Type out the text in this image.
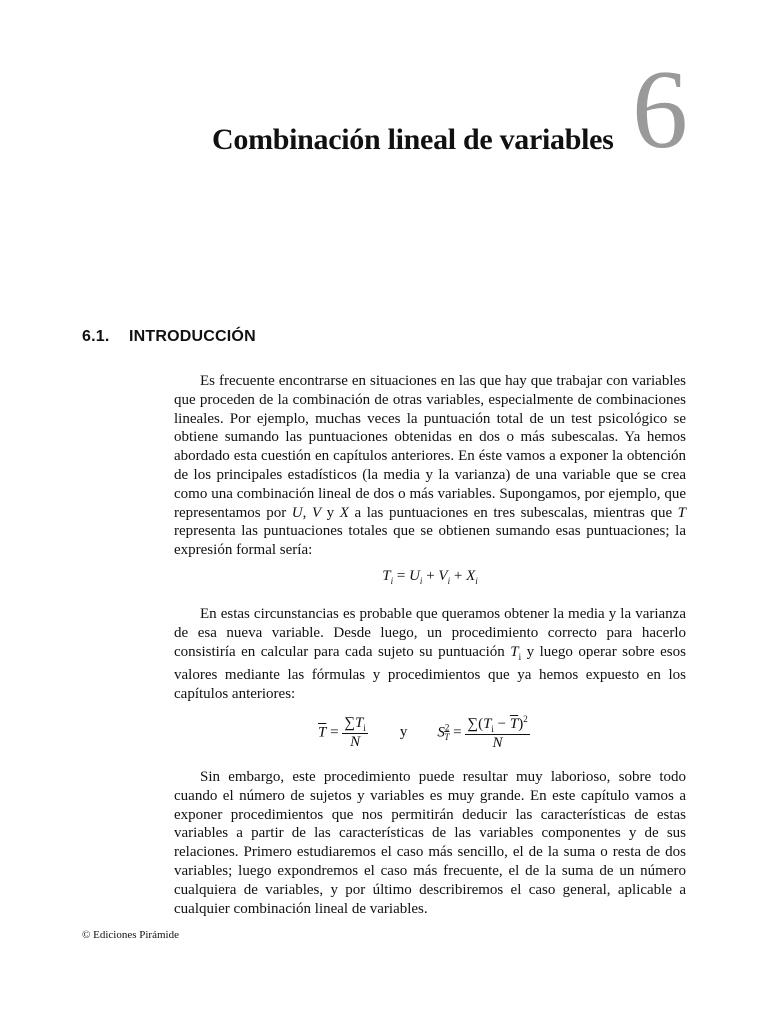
Combinación lineal de variables 6
6.1. INTRODUCCIÓN

Es frecuente encontrarse en situaciones en las que hay que trabajar con variables que proceden de la combinación de otras variables, especialmente de combinaciones lineales. Por ejemplo, muchas veces la puntuación total de un test psicológico se obtiene sumando las puntuaciones obtenidas en dos o más subescalas. Ya hemos abordado esta cuestión en capítulos anteriores. En éste vamos a exponer la obtención de los principales estadísticos (la media y la varianza) de una variable que se crea como una combinación lineal de dos o más variables. Supongamos, por ejemplo, que representamos por U, V y X a las puntuaciones en tres subescalas, mientras que T representa las puntuaciones totales que se obtienen sumando esas puntuaciones; la expresión formal sería:

$T_i = U_i + V_i + X_i$

En estas circunstancias es probable que queramos obtener la media y la varianza de esa nueva variable. Desde luego, un procedimiento correcto para hacerlo consistiría en calcular para cada sujeto su puntuación $T_i$ y luego operar sobre esos valores mediante las fórmulas y procedimientos que ya hemos expuesto en los capítulos anteriores:

$\overline{T} = \frac{\sum T_i}{N}$ y $S^2_{\overline{T}} = \frac{\sum(T_i - \overline{T})^2}{N}$

Sin embargo, este procedimiento puede resultar muy laborioso, sobre todo cuando el número de sujetos y variables es muy grande. En este capítulo vamos a exponer procedimientos que nos permitirán deducir las características de estas variables a partir de las características de las variables componentes y de sus relaciones. Primero estudiaremos el caso más sencillo, el de la suma o resta de dos variables; luego expondremos el caso más frecuente, el de la suma de un número cualquiera de variables, y por último describiremos el caso general, aplicable a cualquier combinación lineal de variables.

© Ediciones Pirámide
